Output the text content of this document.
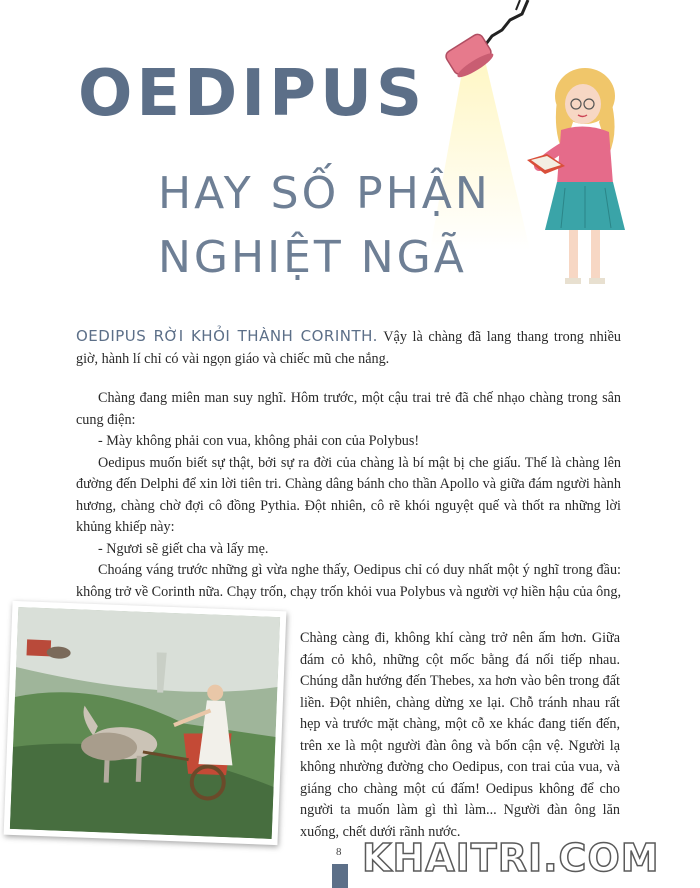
OEDIPUS
HAY SỐ PHẬN
NGHIỆT NGÃ

OEDIPUS RỜI KHỎI THÀNH CORINTH. Vậy là chàng đã lang thang trong nhiều giờ, hành lí chỉ có vài ngọn giáo và chiếc mũ che nắng.

Chàng đang miên man suy nghĩ. Hôm trước, một cậu trai trẻ đã chế nhạo chàng trong sân cung điện:

- Mày không phải con vua, không phải con của Polybus!

Oedipus muốn biết sự thật, bởi sự ra đời của chàng là bí mật bị che giấu. Thế là chàng lên đường đến Delphi để xin lời tiên tri. Chàng dâng bánh cho thần Apollo và giữa đám người hành hương, chàng chờ đợi cô đồng Pythia. Đột nhiên, cô rẽ khói nguyệt quế và thốt ra những lời khủng khiếp này:

- Ngươi sẽ giết cha và lấy mẹ.

Choáng váng trước những gì vừa nghe thấy, Oedipus chỉ có duy nhất một ý nghĩ trong đầu: không trở về Corinth nữa. Chạy trốn, chạy trốn khỏi vua Polybus và người vợ hiền hậu của ông,

Chàng càng đi, không khí càng trở nên ấm hơn. Giữa đám cỏ khô, những cột mốc bằng đá nối tiếp nhau. Chúng dẫn hướng đến Thebes, xa hơn vào bên trong đất liền. Đột nhiên, chàng dừng xe lại. Chỗ tránh nhau rất hẹp và trước mặt chàng, một cỗ xe khác đang tiến đến, trên xe là một người đàn ông và bốn cận vệ. Người lạ không nhường đường cho Oedipus, con trai của vua, và giáng cho chàng một cú đấm! Oedipus không để cho người ta muốn làm gì thì làm... Người đàn ông lăn xuống, chết dưới rãnh nước.

8 KHAITRI.COM
